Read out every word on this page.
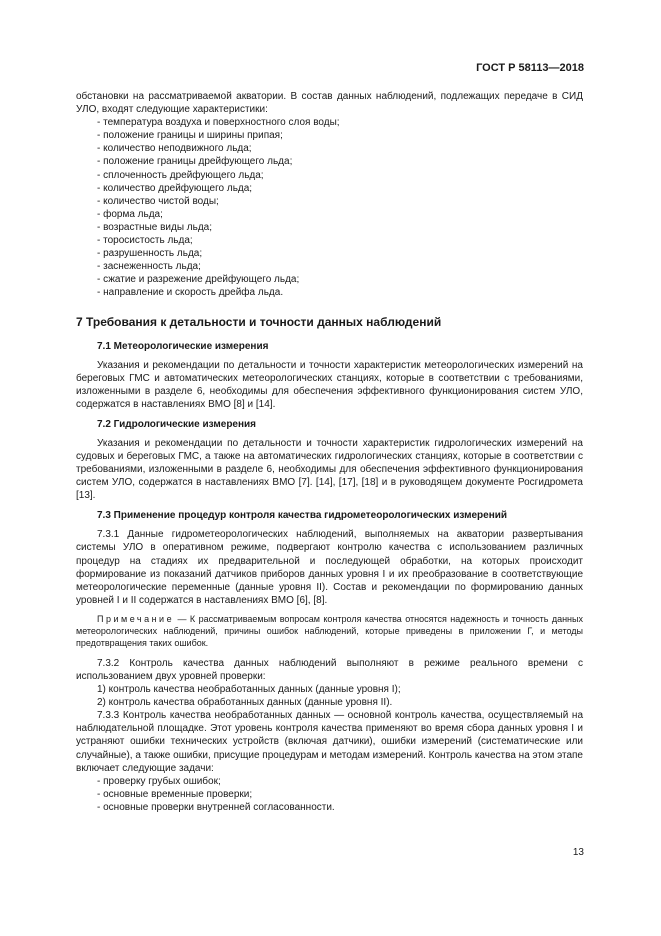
ГОСТ Р 58113—2018

обстановки на рассматриваемой акватории. В состав данных наблюдений, подлежащих передаче в СИД УЛО, входят следующие характеристики:

- температура воздуха и поверхностного слоя воды;
- положение границы и ширины припая;
- количество неподвижного льда;
- положение границы дрейфующего льда;
- сплоченность дрейфующего льда;
- количество дрейфующего льда;
- количество чистой воды;
- форма льда;
- возрастные виды льда;
- торосистость льда;
- разрушенность льда;
- заснеженность льда;
- сжатие и разрежение дрейфующего льда;
- направление и скорость дрейфа льда.
7 Требования к детальности и точности данных наблюдений
7.1 Метеорологические измерения

Указания и рекомендации по детальности и точности характеристик метеорологических измерений на береговых ГМС и автоматических метеорологических станциях, которые в соответствии с требованиями, изложенными в разделе 6, необходимы для обеспечения эффективного функционирования систем УЛО, содержатся в наставлениях ВМО [8] и [14].

7.2 Гидрологические измерения

Указания и рекомендации по детальности и точности характеристик гидрологических измерений на судовых и береговых ГМС, а также на автоматических гидрологических станциях, которые в соответствии с требованиями, изложенными в разделе 6, необходимы для обеспечения эффективного функционирования систем УЛО, содержатся в наставлениях ВМО [7]. [14], [17], [18] и в руководящем документе Росгидромета [13].

7.3 Применение процедур контроля качества гидрометеорологических измерений

7.3.1 Данные гидрометеорологических наблюдений, выполняемых на акватории развертывания системы УЛО в оперативном режиме, подвергают контролю качества с использованием различных процедур на стадиях их предварительной и последующей обработки, на которых происходит формирование из показаний датчиков приборов данных уровня I и их преобразование в соответствующие метеорологические переменные (данные уровня II). Состав и рекомендации по формированию данных уровней I и II содержатся в наставлениях ВМО [6], [8].

Примечание — К рассматриваемым вопросам контроля качества относятся надежность и точность данных метеорологических наблюдений, причины ошибок наблюдений, которые приведены в приложении Г, и методы предотвращения таких ошибок.

7.3.2 Контроль качества данных наблюдений выполняют в режиме реального времени с использованием двух уровней проверки:

1) контроль качества необработанных данных (данные уровня I);
2) контроль качества обработанных данных (данные уровня II).

7.3.3 Контроль качества необработанных данных — основной контроль качества, осуществляемый на наблюдательной площадке. Этот уровень контроля качества применяют во время сбора данных уровня I и устраняют ошибки технических устройств (включая датчики), ошибки измерений (систематические или случайные), а также ошибки, присущие процедурам и методам измерений. Контроль качества на этом этапе включает следующие задачи:

- проверку грубых ошибок;
- основные временные проверки;
- основные проверки внутренней согласованности.
13
